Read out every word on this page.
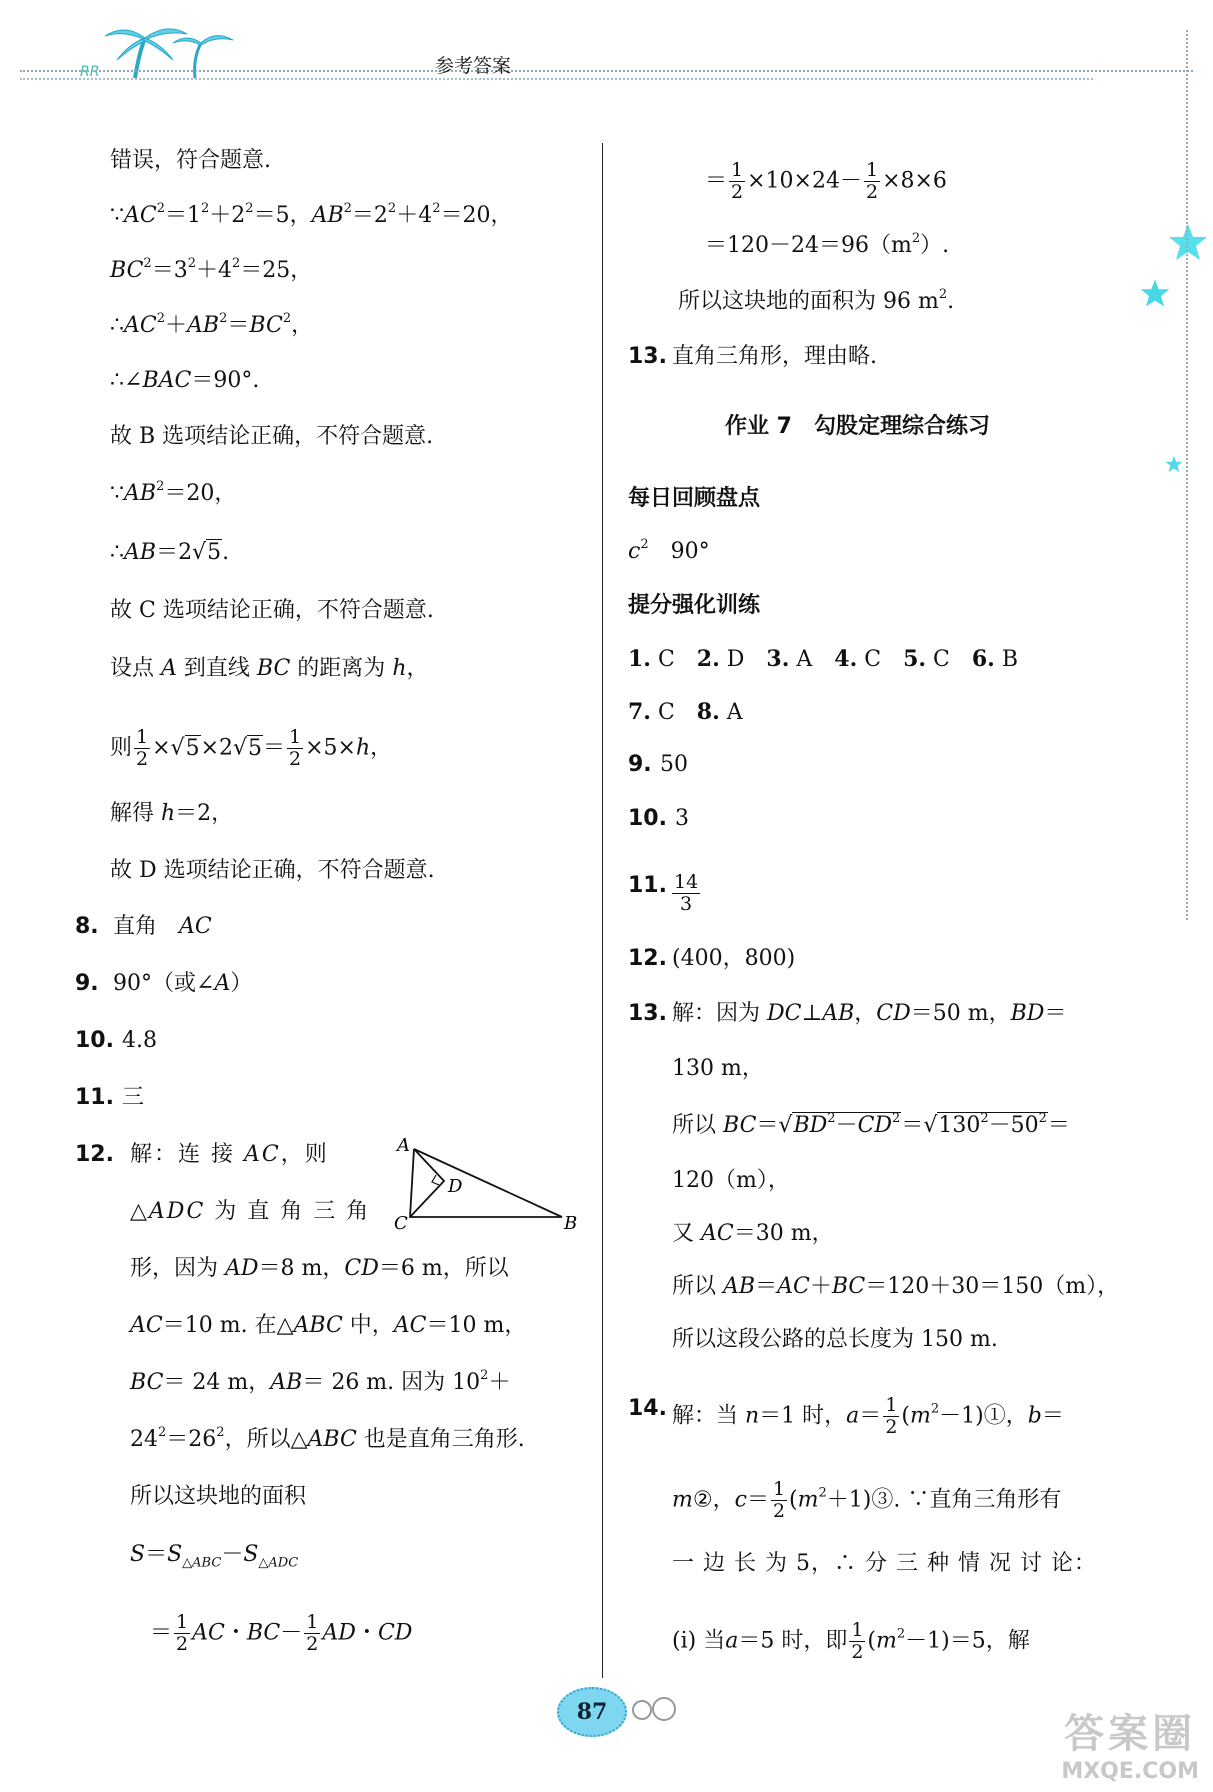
RR	参考答案
错误，符合题意.
$\because AC^2=1^2+2^2=5$，$AB^2=2^2+4^2=20$，
$BC^2=3^2+4^2=25$，
$\therefore AC^2+AB^2=BC^2$，
∴∠BAC＝90°.
故 B 选项结论正确，不符合题意.
$\because AB^2=20$，
∴AB＝2√5.
故 C 选项结论正确，不符合题意.
设点 A 到直线 BC 的距离为 h，
则 $\frac{1}{2} \times√5\times 2√5= \frac{1}{2} \times 5\times h$，
解得 h＝2，
故 D 选项结论正确，不符合题意.
8. 直角　AC
9. 90°（或∠A）
10. 4.8
11. 三
12. 解：连 接 AC，则
△ADC 为 直 角 三 角
A
C
D
B
形，因为 AD＝8 m，CD＝6 m，所以
AC＝10 m. 在△ABC 中，AC＝10 m，
BC＝ 24 m，AB＝ 26 m. 因为 $10^2+$
$24^2=26^2$，所以△ABC 也是直角三角形.
所以这块地的面积
$S=S_{\triangle ABC}-S_{\triangle ADC}$
＝ $\frac{1}{2}$ AC・$BC- \frac{1}{2}$ AD・CD
＝ $\frac{1}{2} \times 10\times 24- \frac{1}{2} \times 8\times 6$
$=120-24=96(m^2)$.
所以这块地的面积为 96 $m^2$.
13. 直角三角形，理由略.
作业 7　勾股定理综合练习
每日回顾盘点
$c^2$　90°
提分强化训练
1. C　2. D　3. A　4. C　5. C　6. B
7. C　8. A
9. 50
10. 3
11. $\frac{14}{3}$
12. (400，800)
13. 解：因为 DC⊥AB，CD＝50 m，BD＝
130 m，
所以 $BC=√BD^2-CD^2=√130^2-50^2=$
120（m），
又 AC＝30 m，
所以 AB＝AC＋BC＝120＋30＝150（m），
所以这段公路的总长度为 150 m.
14. 解：当 n＝1 时，$a= \frac{1}{2}$ $(m^2-1)①$，b＝
m②，$c= \frac{1}{2}$ $(m^2+1)③$. ∵直角三角形有
一 边 长 为 5，∴ 分 三 种 情 况 讨 论：
(ⅰ) 当a＝5 时，即 $\frac{1}{2} (m^2-1)=5$，解
87	答案圈
MXQE.COM
